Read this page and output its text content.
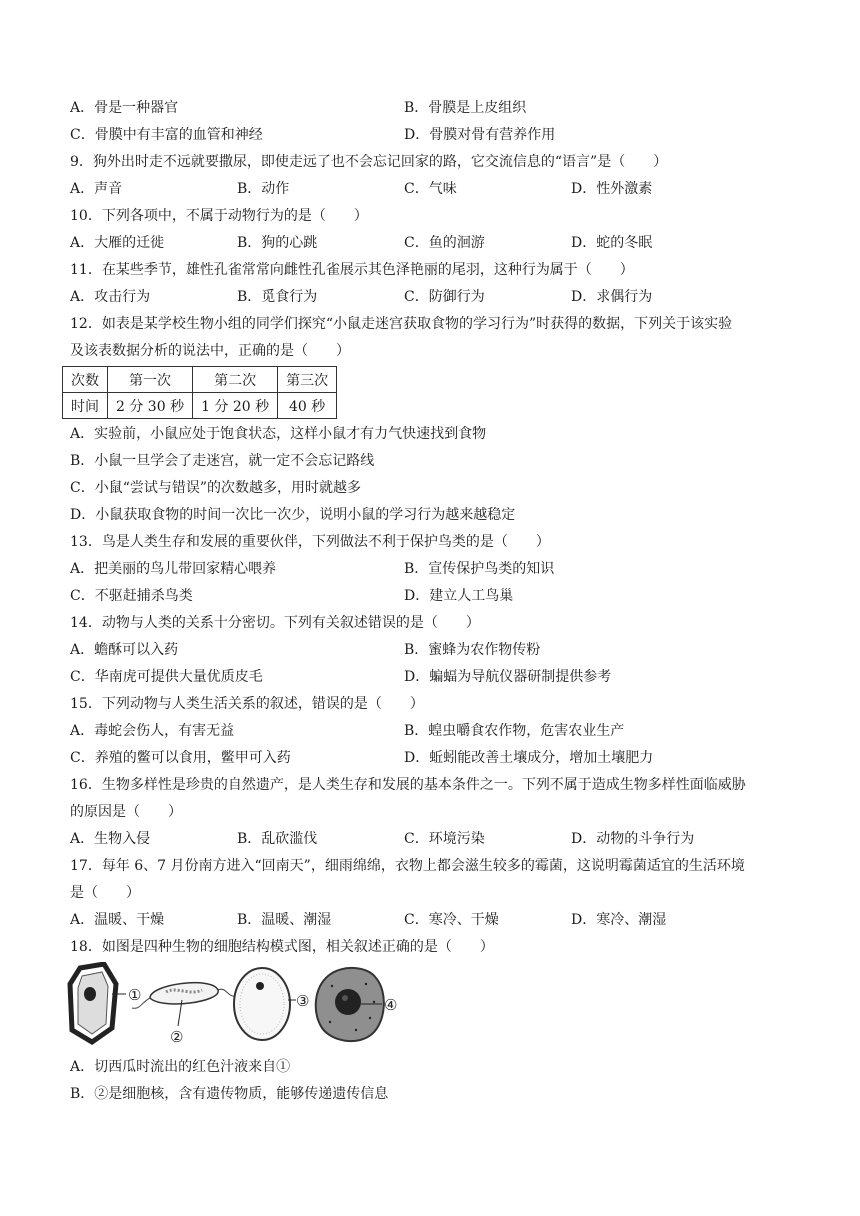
A．骨是一种器官	B．骨膜是上皮组织
C．骨膜中有丰富的血管和神经	D．骨膜对骨有营养作用
9．狗外出时走不远就要撒尿，即使走远了也不会忘记回家的路，它交流信息的“语言”是（　　）
A．声音	B．动作	C．气味	D．性外激素
10．下列各项中，不属于动物行为的是（　　）
A．大雁的迁徙	B．狗的心跳	C．鱼的洄游	D．蛇的冬眠
11．在某些季节，雄性孔雀常常向雌性孔雀展示其色泽艳丽的尾羽，这种行为属于（　　）
A．攻击行为	B．觅食行为	C．防御行为	D．求偶行为
12．如表是某学校生物小组的同学们探究“小鼠走迷宫获取食物的学习行为”时获得的数据，下列关于该实验
及该表数据分析的说法中，正确的是（　　）
次数	第一次	第二次	第三次
时间	2 分 30 秒	1 分 20 秒	40 秒
A．实验前，小鼠应处于饱食状态，这样小鼠才有力气快速找到食物
B．小鼠一旦学会了走迷宫，就一定不会忘记路线
C．小鼠“尝试与错误”的次数越多，用时就越多
D．小鼠获取食物的时间一次比一次少，说明小鼠的学习行为越来越稳定
13．鸟是人类生存和发展的重要伙伴，下列做法不利于保护鸟类的是（　　）
A．把美丽的鸟儿带回家精心喂养	B．宣传保护鸟类的知识
C．不驱赶捕杀鸟类	D．建立人工鸟巢
14．动物与人类的关系十分密切。下列有关叙述错误的是（　　）
A．蟾酥可以入药	B．蜜蜂为农作物传粉
C．华南虎可提供大量优质皮毛	D．蝙蝠为导航仪器研制提供参考
15．下列动物与人类生活关系的叙述，错误的是（　　）
A．毒蛇会伤人，有害无益	B．蝗虫嚼食农作物，危害农业生产
C．养殖的鳖可以食用，鳖甲可入药	D．蚯蚓能改善土壤成分，增加土壤肥力
16．生物多样性是珍贵的自然遗产，是人类生存和发展的基本条件之一。下列不属于造成生物多样性面临威胁
的原因是（　　）
A．生物入侵	B．乱砍滥伐	C．环境污染	D．动物的斗争行为
17．每年 6、7 月份南方进入“回南天”，细雨绵绵，衣物上都会滋生较多的霉菌，这说明霉菌适宜的生活环境
是（　　）
A．温暖、干燥	B．温暖、潮湿	C．寒冷、干燥	D．寒冷、潮湿
18．如图是四种生物的细胞结构模式图，相关叙述正确的是（　　）
①
②
③	④
A．切西瓜时流出的红色汁液来自①
B．②是细胞核，含有遗传物质，能够传递遗传信息
